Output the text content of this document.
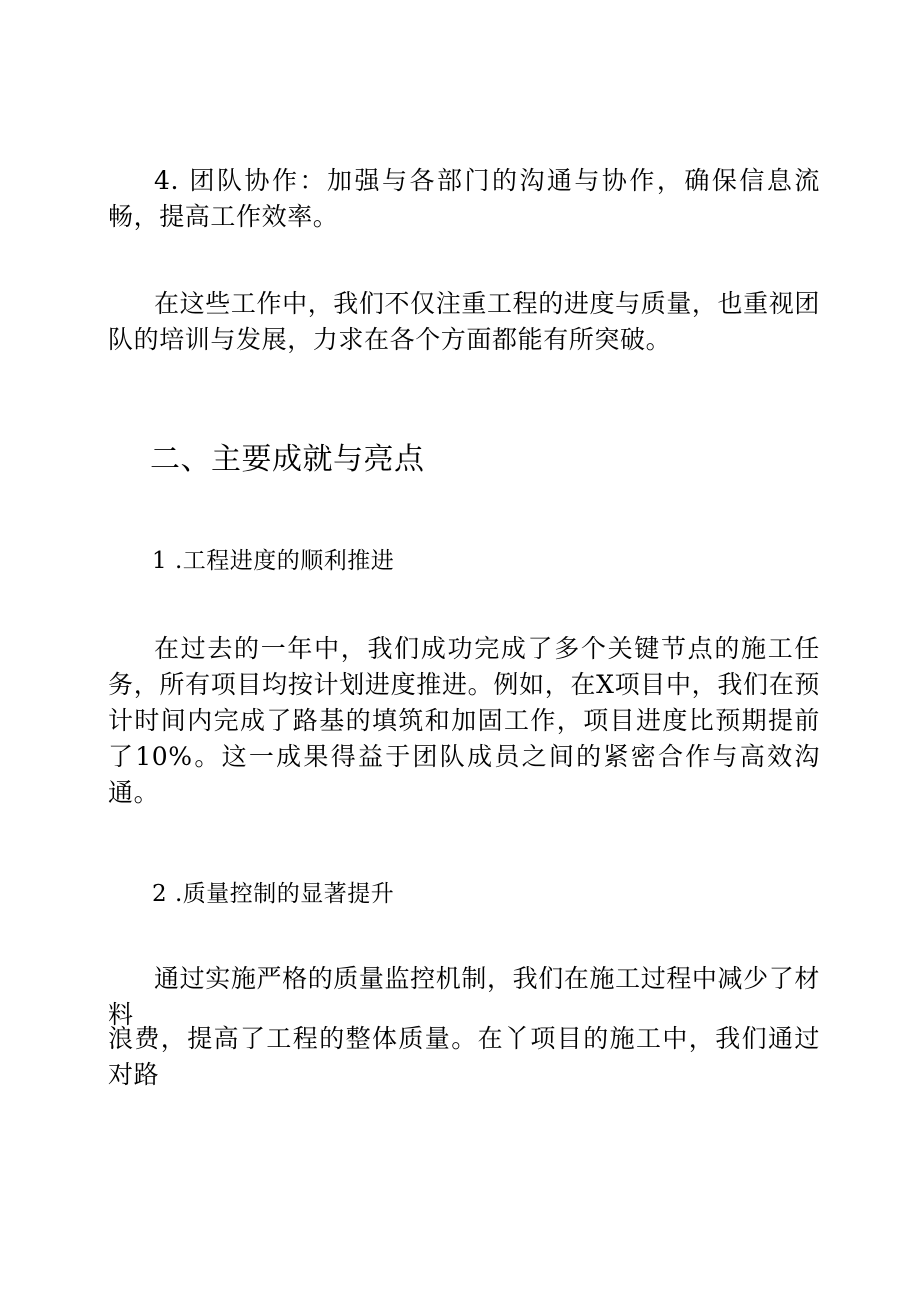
4. 团队协作：加强与各部门的沟通与协作，确保信息流畅，提高工作效率。

在这些工作中，我们不仅注重工程的进度与质量，也重视团队的培训与发展，力求在各个方面都能有所突破。

二、主要成就与亮点

1 .工程进度的顺利推进

在过去的一年中，我们成功完成了多个关键节点的施工任务，所有项目均按计划进度推进。例如，在X项目中，我们在预计时间内完成了路基的填筑和加固工作，项目进度比预期提前了10%。这一成果得益于团队成员之间的紧密合作与高效沟通。

2 .质量控制的显著提升

通过实施严格的质量监控机制，我们在施工过程中减少了材料

浪费，提高了工程的整体质量。在丫项目的施工中，我们通过对路
